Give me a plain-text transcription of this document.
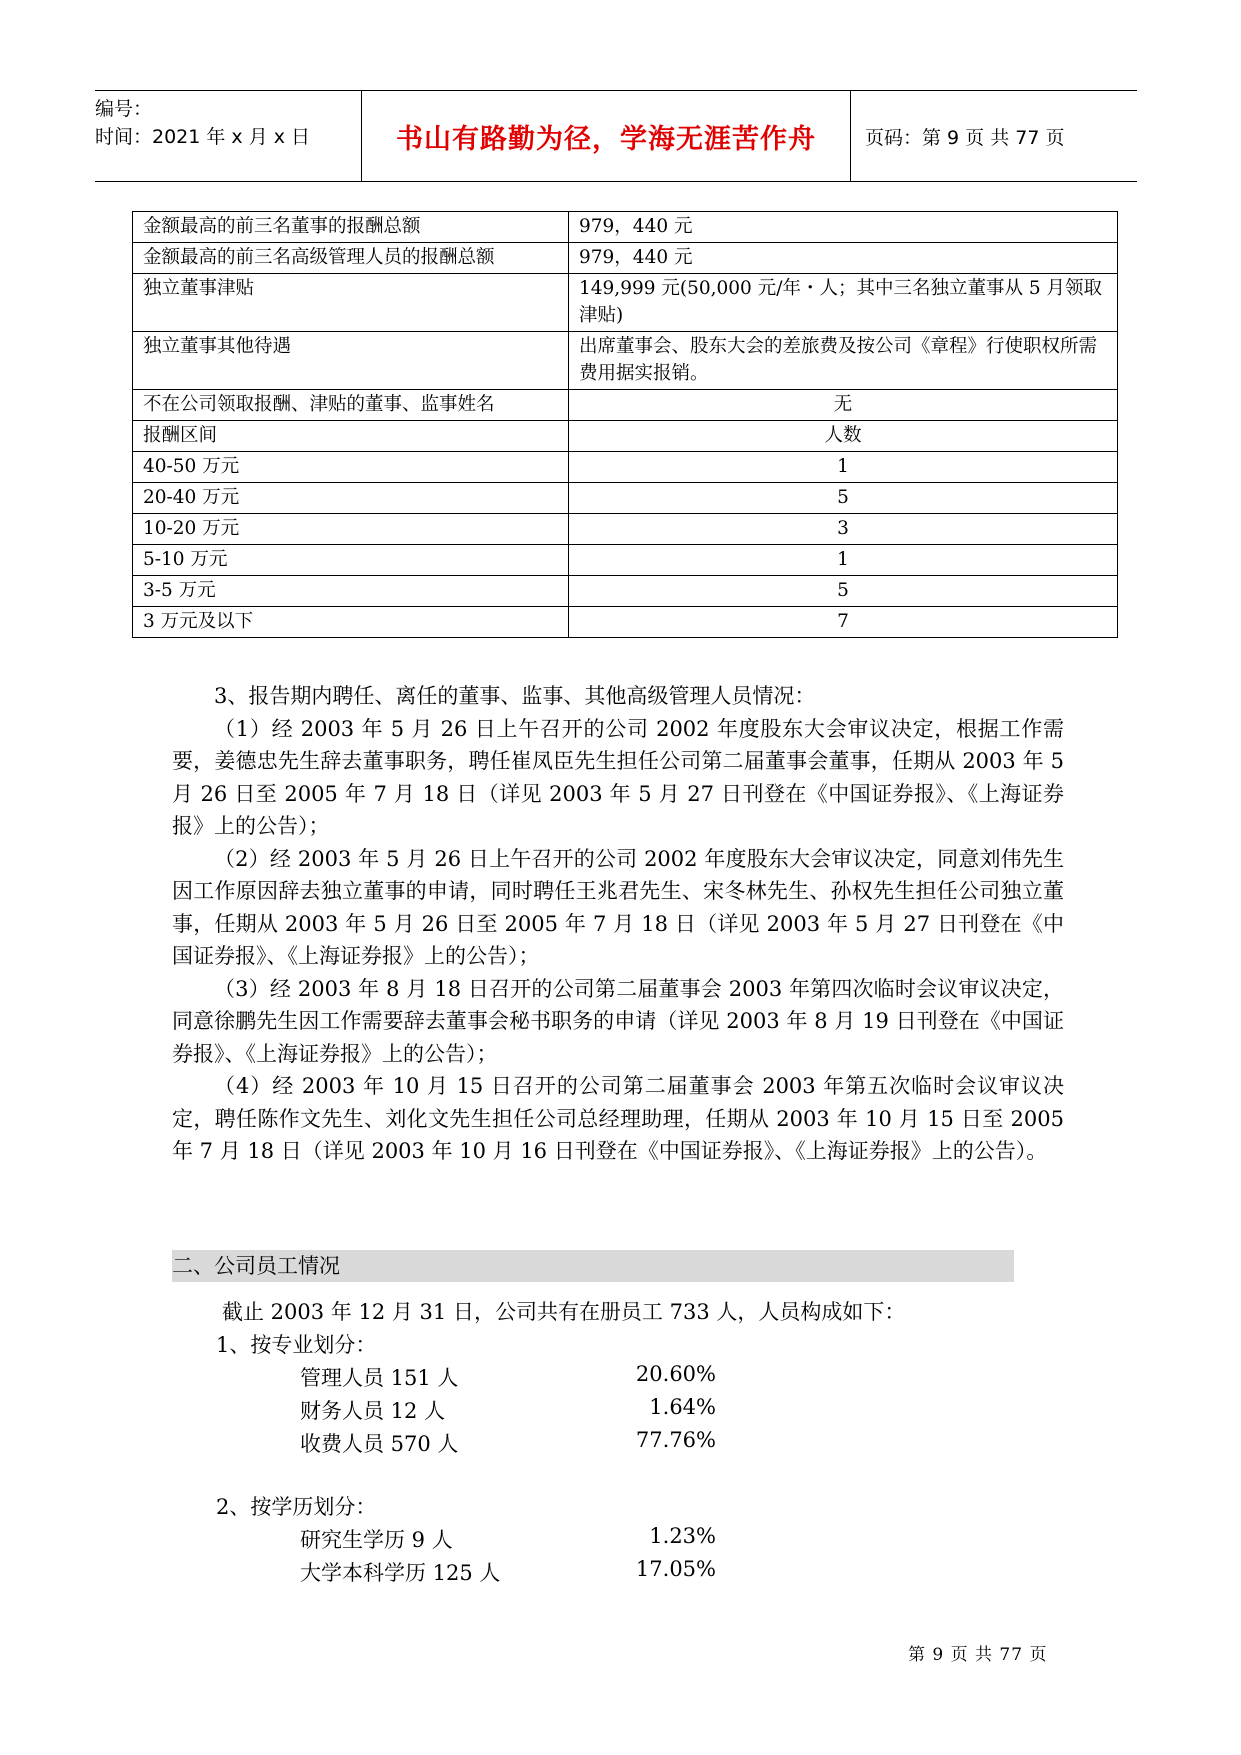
编号：
时间：2021 年 x 月 x 日	书山有路勤为径，学海无涯苦作舟	页码：第 9 页 共 77 页
金额最高的前三名董事的报酬总额	979，440 元
金额最高的前三名高级管理人员的报酬总额	979，440 元
独立董事津贴	149,999 元(50,000 元/年・人；其中三名独立董事从 5 月领取津贴)
独立董事其他待遇	出席董事会、股东大会的差旅费及按公司《章程》行使职权所需费用据实报销。
不在公司领取报酬、津贴的董事、监事姓名	无
报酬区间	人数
40-50 万元	1
20-40 万元	5
10-20 万元	3
5-10 万元	1
3-5 万元	5
3 万元及以下	7

3、报告期内聘任、离任的董事、监事、其他高级管理人员情况：

（1）经 2003 年 5 月 26 日上午召开的公司 2002 年度股东大会审议决定，根据工作需要，姜德忠先生辞去董事职务，聘任崔凤臣先生担任公司第二届董事会董事，任期从 2003 年 5 月 26 日至 2005 年 7 月 18 日（详见 2003 年 5 月 27 日刊登在《中国证券报》、《上海证券报》上的公告）；

（2）经 2003 年 5 月 26 日上午召开的公司 2002 年度股东大会审议决定，同意刘伟先生因工作原因辞去独立董事的申请，同时聘任王兆君先生、宋冬林先生、孙权先生担任公司独立董事，任期从 2003 年 5 月 26 日至 2005 年 7 月 18 日（详见 2003 年 5 月 27 日刊登在《中国证券报》、《上海证券报》上的公告）；

（3）经 2003 年 8 月 18 日召开的公司第二届董事会 2003 年第四次临时会议审议决定，同意徐鹏先生因工作需要辞去董事会秘书职务的申请（详见 2003 年 8 月 19 日刊登在《中国证券报》、《上海证券报》上的公告）；

（4）经 2003 年 10 月 15 日召开的公司第二届董事会 2003 年第五次临时会议审议决定，聘任陈作文先生、刘化文先生担任公司总经理助理，任期从 2003 年 10 月 15 日至 2005 年 7 月 18 日（详见 2003 年 10 月 16 日刊登在《中国证券报》、《上海证券报》上的公告）。

二、公司员工情况
截止 2003 年 12 月 31 日，公司共有在册员工 733 人，人员构成如下：
1、按专业划分：
管理人员 151 人	20.60%
财务人员 12 人	1.64%
收费人员 570 人	77.76%
2、按学历划分：
研究生学历 9 人	1.23%
大学本科学历 125 人	17.05%
第 9 页 共 77 页
